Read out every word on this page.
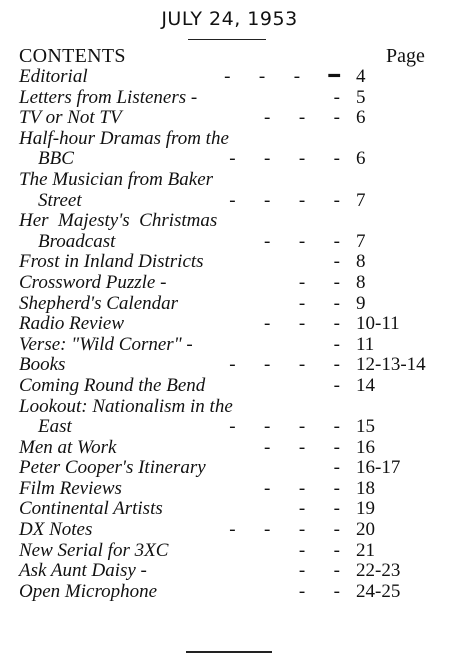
JULY 24, 1953
CONTENTS	Page
Editorial	-      -      -      ━ 4
Letters from Listeners -	- 5
TV or Not TV	-      -      - 6
Half-hour Dramas from the
BBC	-      -      -      - 6
The Musician from Baker
Street	-      -      -      - 7
Her  Majesty's  Christmas
Broadcast	-      -      - 7
Frost in Inland Districts	- 8
Crossword Puzzle -	-      - 8
Shepherd's Calendar	-      - 9
Radio Review	-      -      - 10-11
Verse: "Wild Corner" -	- 11
Books	-      -      -      - 12-13-14
Coming Round the Bend	- 14
Lookout: Nationalism in the
East	-      -      -      - 15
Men at Work	-      -      - 16
Peter Cooper's Itinerary	- 16-17
Film Reviews	-      -      - 18
Continental Artists	-      - 19
DX Notes	-      -      -      - 20
New Serial for 3XC	-      - 21
Ask Aunt Daisy -	-      - 22-23
Open Microphone	-      - 24-25
